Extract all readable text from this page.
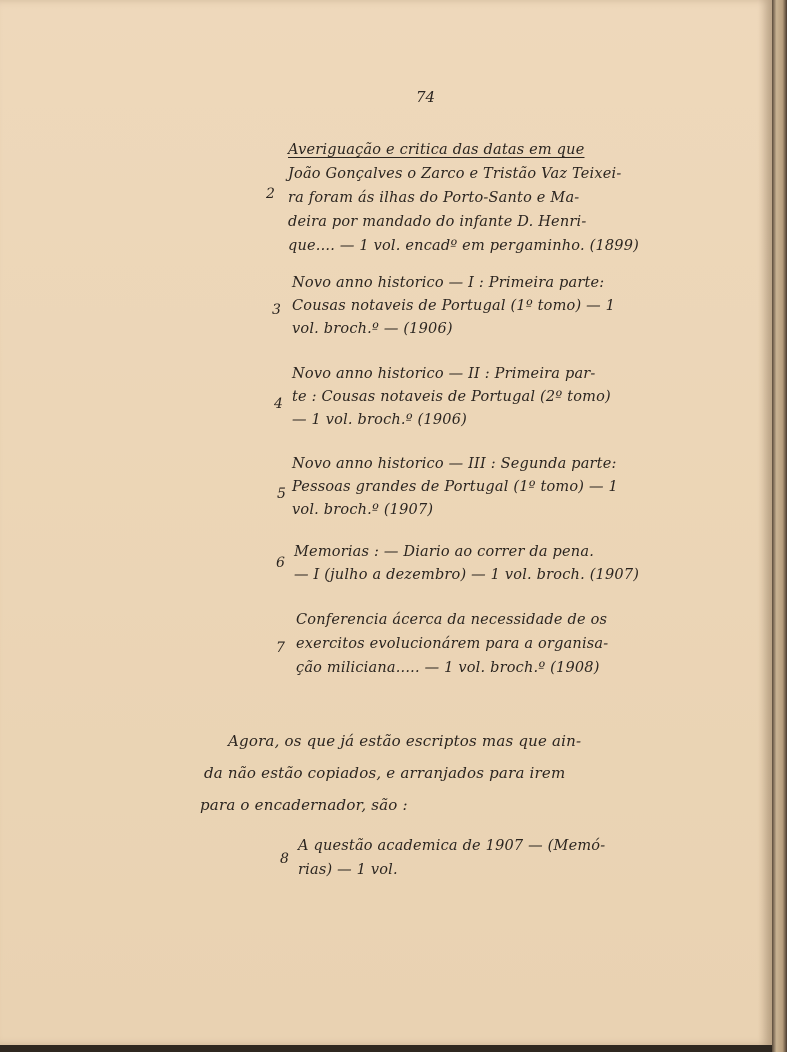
74
2
Averiguação e critica das datas em que
João Gonçalves o Zarco e Tristão Vaz Teixei-
ra foram ás ilhas do Porto-Santo e Ma-
deira por mandado do infante D. Henri-
que.... — 1 vol. encadº em pergaminho. (1899)
3
Novo anno historico — I : Primeira parte:
Cousas notaveis de Portugal (1º tomo) — 1
vol. broch.º — (1906)
4
Novo anno historico — II : Primeira par-
te : Cousas notaveis de Portugal (2º tomo)
— 1 vol. broch.º (1906)
5
Novo anno historico — III : Segunda parte:
Pessoas grandes de Portugal (1º tomo) — 1
vol. broch.º (1907)
6
Memorias : — Diario ao correr da pena.
— I (julho a dezembro) — 1 vol. broch. (1907)
7
Conferencia ácerca da necessidade de os
exercitos evolucionárem para a organisa-
ção miliciana..... — 1 vol. broch.º (1908)
Agora, os que já estão escriptos mas que ain-
da não estão copiados, e arranjados para irem
para o encadernador, são :
8
A questão academica de 1907 — (Memó-
rias) — 1 vol.
